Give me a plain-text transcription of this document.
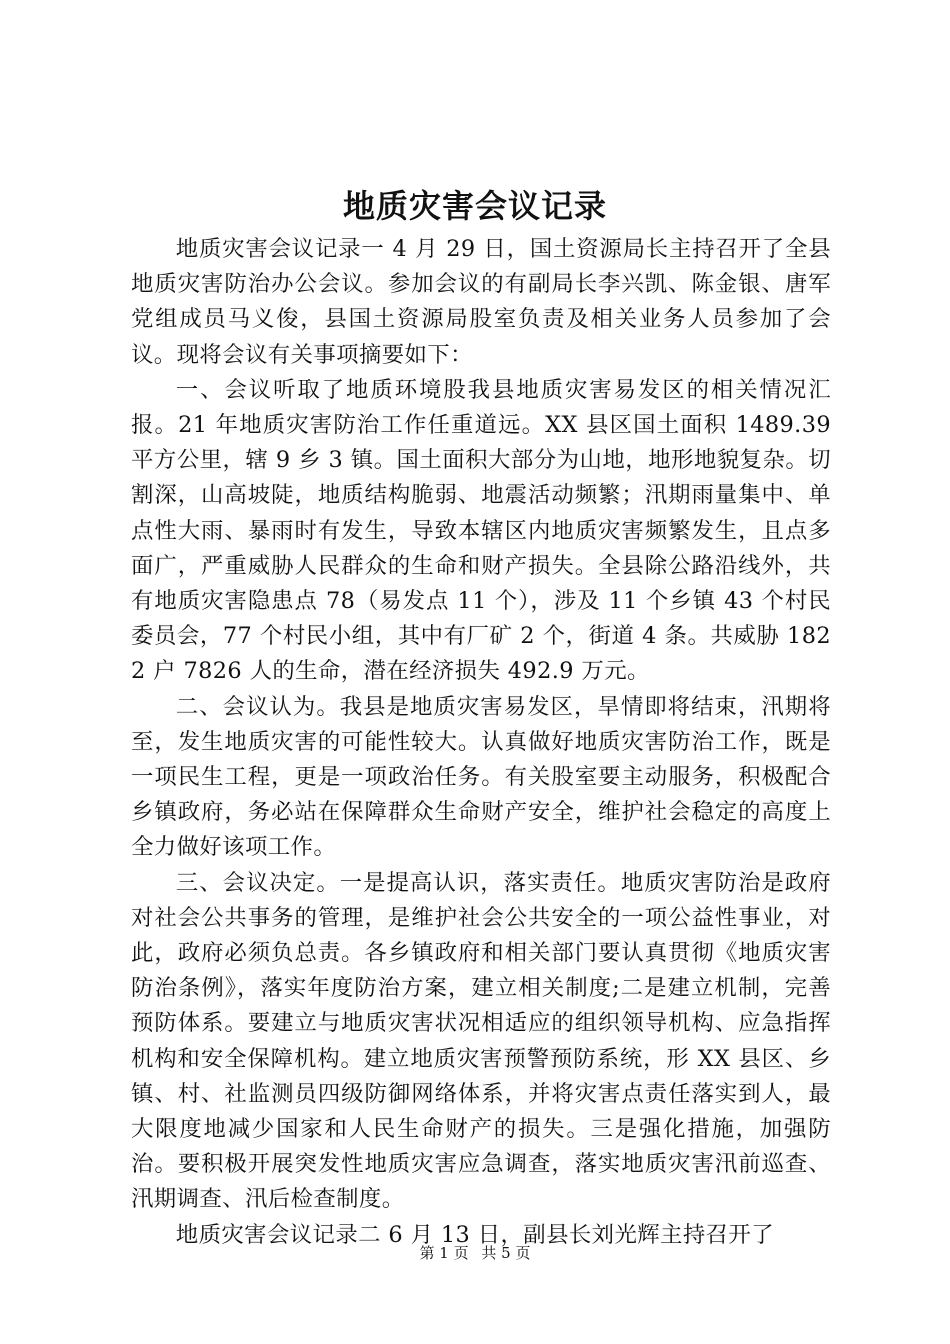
地质灾害会议记录

地质灾害会议记录一 4 月 29 日，国土资源局长主持召开了全县地质灾害防治办公会议。参加会议的有副局长李兴凯、陈金银、唐军党组成员马义俊，县国土资源局股室负责及相关业务人员参加了会议。现将会议有关事项摘要如下：

一、会议听取了地质环境股我县地质灾害易发区的相关情况汇报。21 年地质灾害防治工作任重道远。XX 县区国土面积 1489.39 平方公里，辖 9 乡 3 镇。国土面积大部分为山地，地形地貌复杂。切割深，山高坡陡，地质结构脆弱、地震活动频繁；汛期雨量集中、单点性大雨、暴雨时有发生，导致本辖区内地质灾害频繁发生，且点多面广，严重威胁人民群众的生命和财产损失。全县除公路沿线外，共有地质灾害隐患点 78（易发点 11 个），涉及 11 个乡镇 43 个村民委员会，77 个村民小组，其中有厂矿 2 个，街道 4 条。共威胁 1822 户 7826 人的生命，潜在经济损失 492.9 万元。

二、会议认为。我县是地质灾害易发区，旱情即将结束，汛期将至，发生地质灾害的可能性较大。认真做好地质灾害防治工作，既是一项民生工程，更是一项政治任务。有关股室要主动服务，积极配合乡镇政府，务必站在保障群众生命财产安全，维护社会稳定的高度上全力做好该项工作。

三、会议决定。一是提高认识，落实责任。地质灾害防治是政府对社会公共事务的管理，是维护社会公共安全的一项公益性事业，对此，政府必须负总责。各乡镇政府和相关部门要认真贯彻《地质灾害防治条例》，落实年度防治方案，建立相关制度;二是建立机制，完善预防体系。要建立与地质灾害状况相适应的组织领导机构、应急指挥机构和安全保障机构。建立地质灾害预警预防系统，形 XX 县区、乡镇、村、社监测员四级防御网络体系，并将灾害点责任落实到人，最大限度地减少国家和人民生命财产的损失。三是强化措施，加强防治。要积极开展突发性地质灾害应急调查，落实地质灾害汛前巡查、汛期调查、汛后检查制度。

地质灾害会议记录二 6 月 13 日，副县长刘光辉主持召开了

第 1 页 共 5 页
